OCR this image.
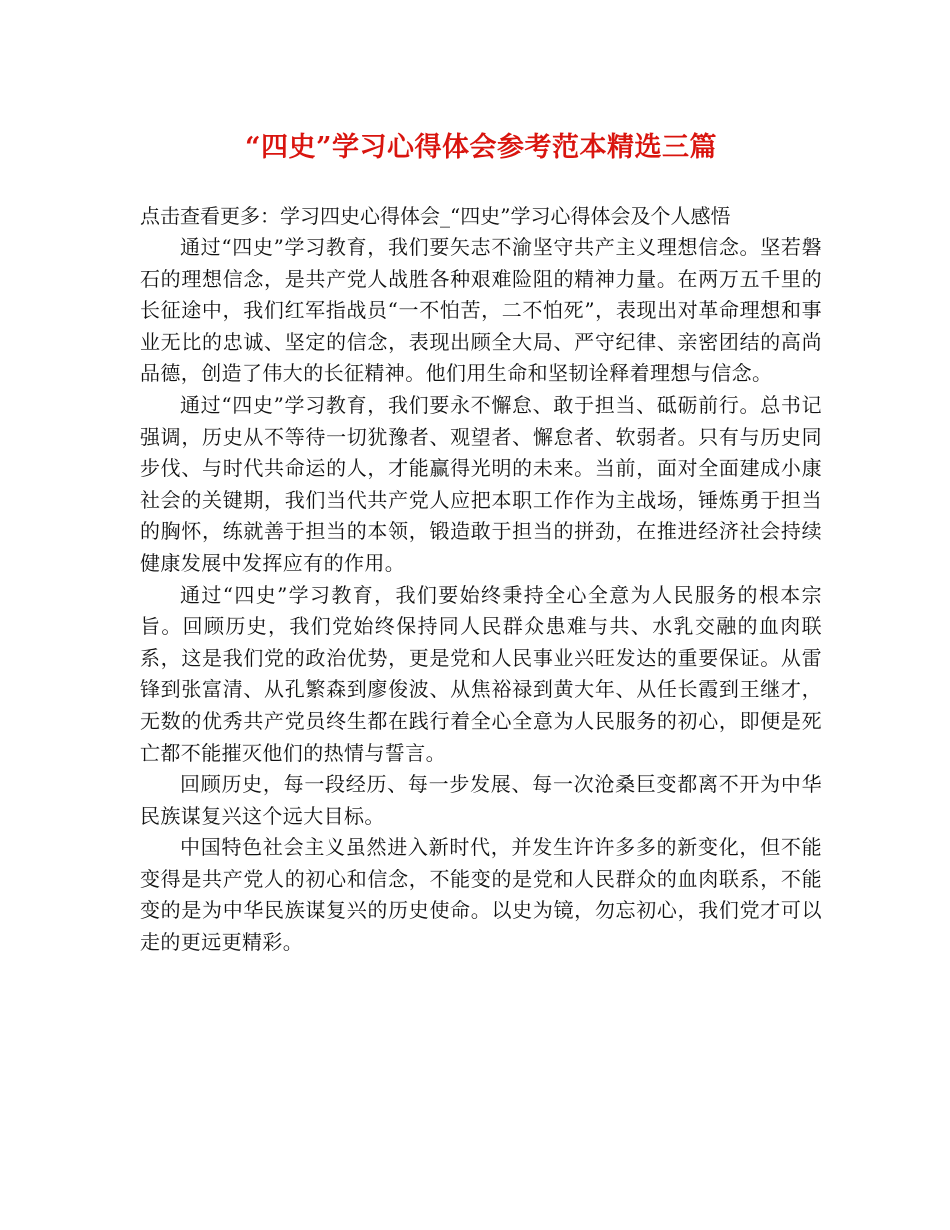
“四史”学习心得体会参考范本精选三篇

点击查看更多：学习四史心得体会_“四史”学习心得体会及个人感悟

通过“四史”学习教育，我们要矢志不渝坚守共产主义理想信念。坚若磐石的理想信念，是共产党人战胜各种艰难险阻的精神力量。在两万五千里的长征途中，我们红军指战员“一不怕苦，二不怕死”，表现出对革命理想和事业无比的忠诚、坚定的信念，表现出顾全大局、严守纪律、亲密团结的高尚品德，创造了伟大的长征精神。他们用生命和坚韧诠释着理想与信念。

通过“四史”学习教育，我们要永不懈怠、敢于担当、砥砺前行。总书记强调，历史从不等待一切犹豫者、观望者、懈怠者、软弱者。只有与历史同步伐、与时代共命运的人，才能赢得光明的未来。当前，面对全面建成小康社会的关键期，我们当代共产党人应把本职工作作为主战场，锤炼勇于担当的胸怀，练就善于担当的本领，锻造敢于担当的拼劲，在推进经济社会持续健康发展中发挥应有的作用。

通过“四史”学习教育，我们要始终秉持全心全意为人民服务的根本宗旨。回顾历史，我们党始终保持同人民群众患难与共、水乳交融的血肉联系，这是我们党的政治优势，更是党和人民事业兴旺发达的重要保证。从雷锋到张富清、从孔繁森到廖俊波、从焦裕禄到黄大年、从任长霞到王继才，无数的优秀共产党员终生都在践行着全心全意为人民服务的初心，即便是死亡都不能摧灭他们的热情与誓言。

回顾历史，每一段经历、每一步发展、每一次沧桑巨变都离不开为中华民族谋复兴这个远大目标。

中国特色社会主义虽然进入新时代，并发生许许多多的新变化，但不能变得是共产党人的初心和信念，不能变的是党和人民群众的血肉联系，不能变的是为中华民族谋复兴的历史使命。以史为镜，勿忘初心，我们党才可以走的更远更精彩。
